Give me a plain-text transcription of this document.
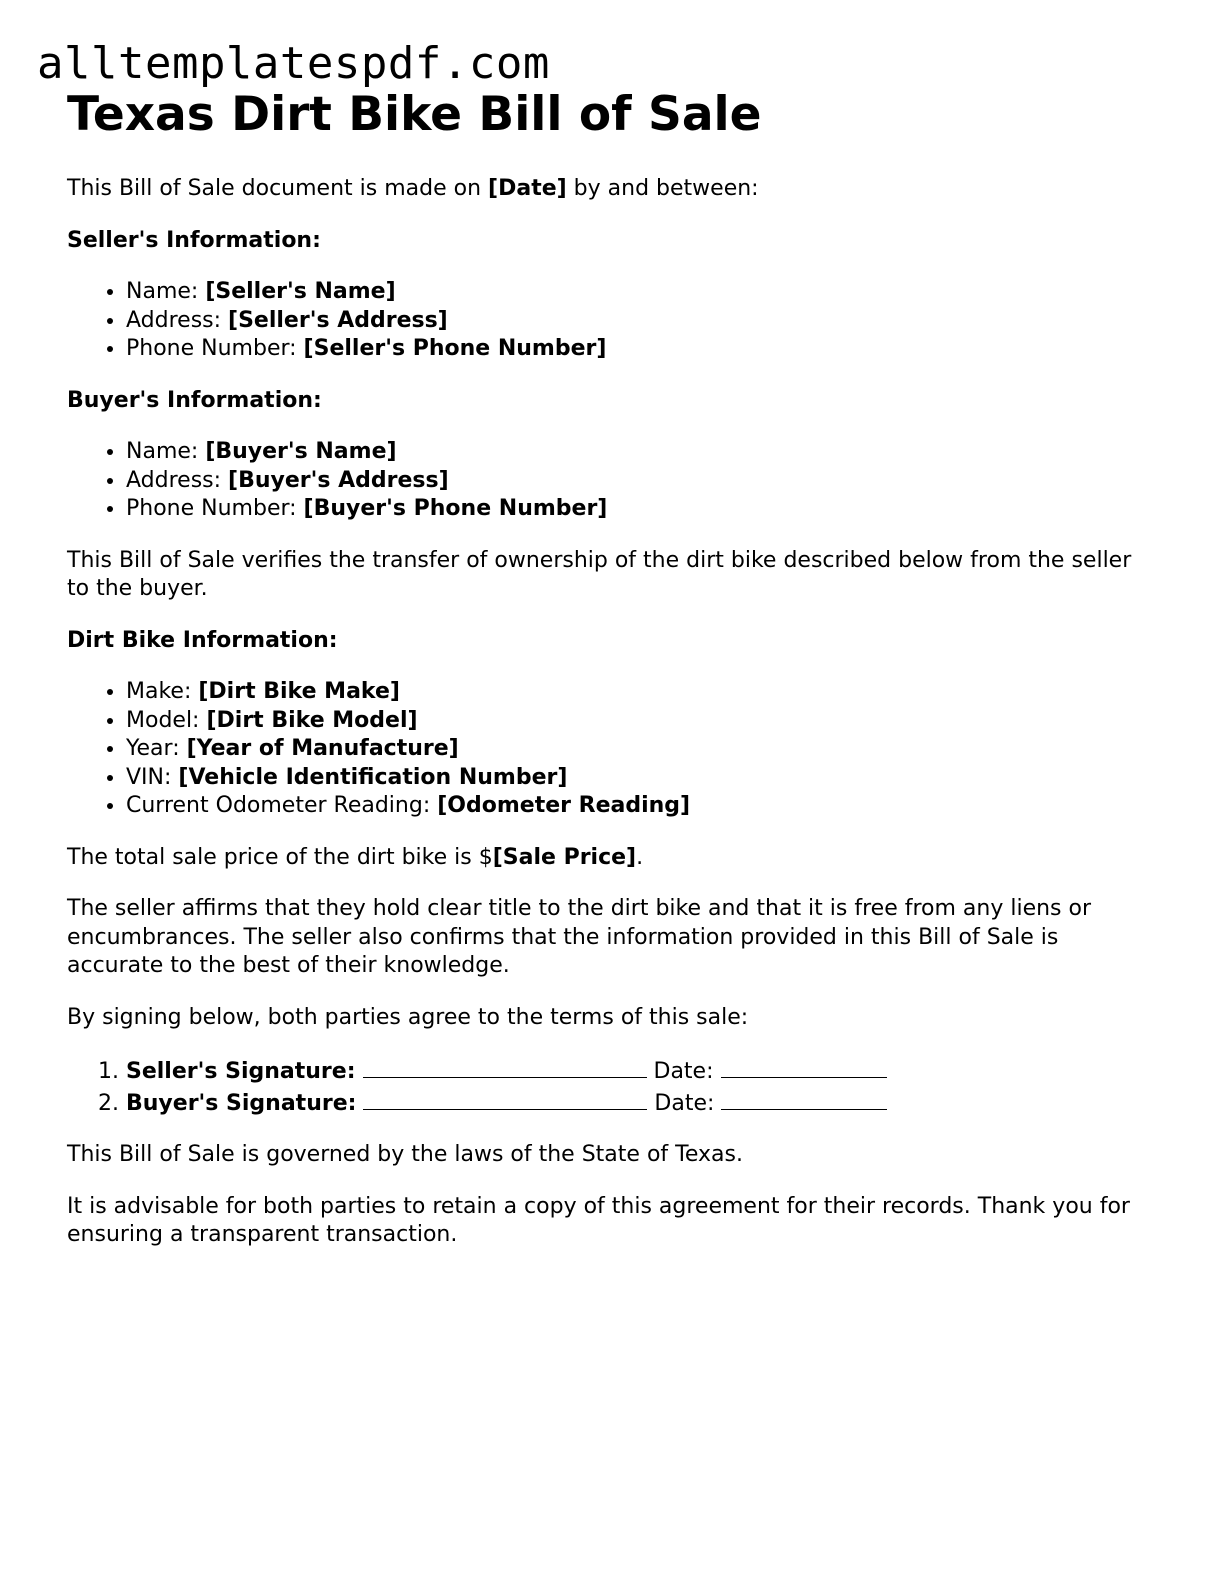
alltemplatespdf.com
Texas Dirt Bike Bill of Sale

This Bill of Sale document is made on [Date] by and between:

Seller's Information:

• Name: [Seller's Name]
• Address: [Seller's Address]
• Phone Number: [Seller's Phone Number]

Buyer's Information:

• Name: [Buyer's Name]
• Address: [Buyer's Address]
• Phone Number: [Buyer's Phone Number]

This Bill of Sale verifies the transfer of ownership of the dirt bike described below from the seller to the buyer.

Dirt Bike Information:

• Make: [Dirt Bike Make]
• Model: [Dirt Bike Model]
• Year: [Year of Manufacture]
• VIN: [Vehicle Identification Number]
• Current Odometer Reading: [Odometer Reading]

The total sale price of the dirt bike is $[Sale Price].

The seller affirms that they hold clear title to the dirt bike and that it is free from any liens or encumbrances. The seller also confirms that the information provided in this Bill of Sale is accurate to the best of their knowledge.

By signing below, both parties agree to the terms of this sale:

1. Seller's Signature:	Date:
2. Buyer's Signature:	Date:

This Bill of Sale is governed by the laws of the State of Texas.

It is advisable for both parties to retain a copy of this agreement for their records. Thank you for ensuring a transparent transaction.
